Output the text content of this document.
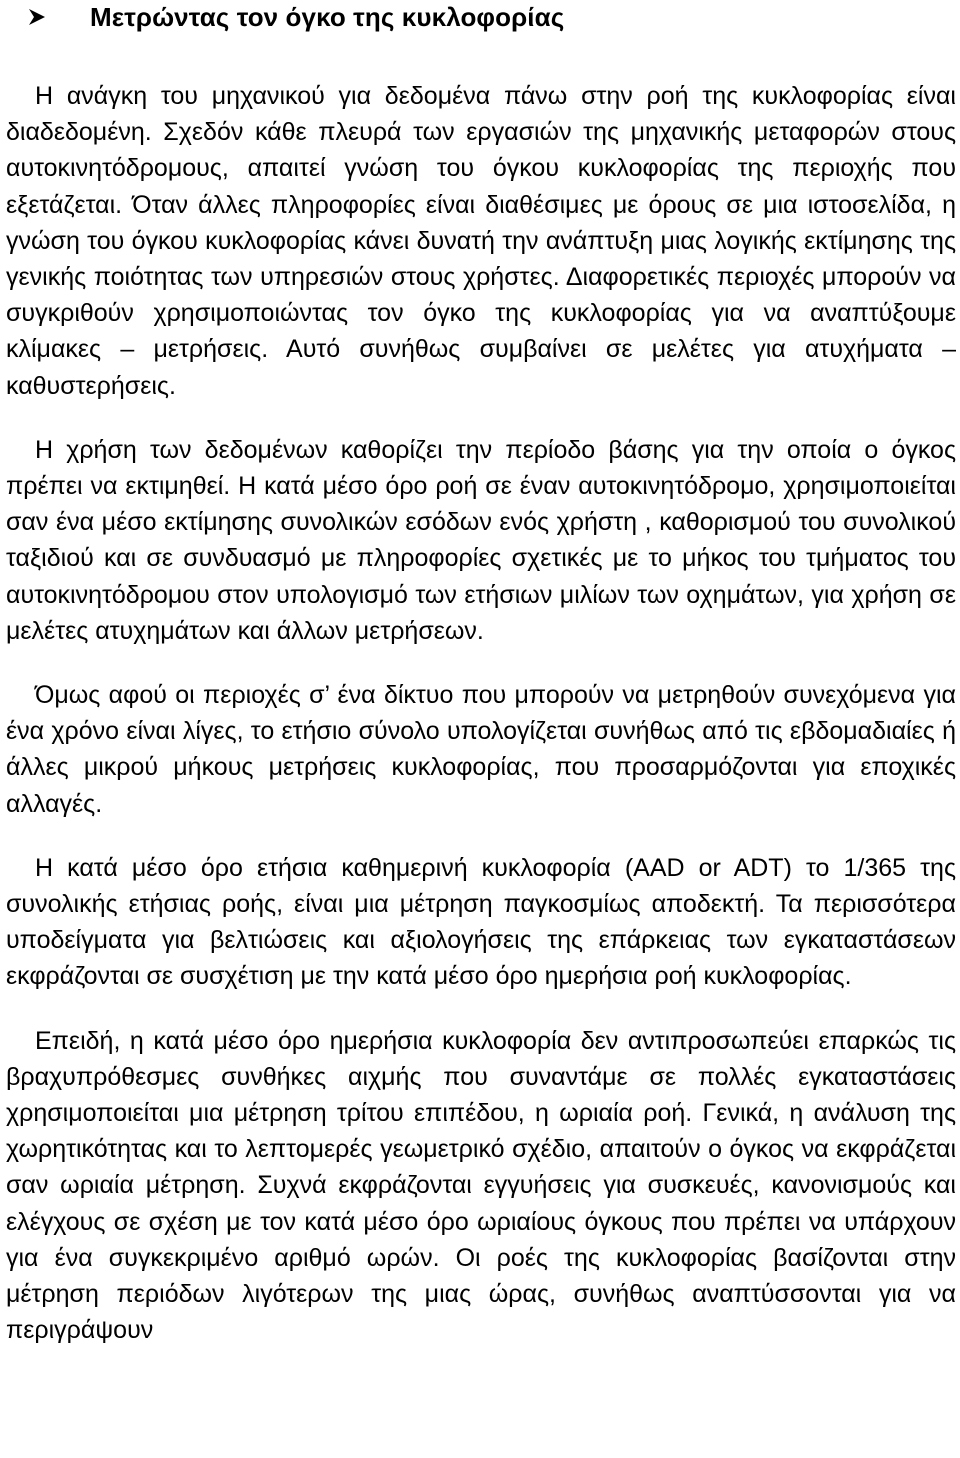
Μετρώντας τον όγκο της κυκλοφορίας

Η ανάγκη του μηχανικού για δεδομένα πάνω στην ροή της κυκλοφορίας είναι διαδεδομένη. Σχεδόν κάθε πλευρά των εργασιών της μηχανικής μεταφορών στους αυτοκινητόδρομους, απαιτεί γνώση του όγκου κυκλοφορίας της περιοχής που εξετάζεται. Όταν άλλες πληροφορίες είναι διαθέσιμες με όρους σε μια ιστοσελίδα, η γνώση του όγκου κυκλοφορίας κάνει δυνατή την ανάπτυξη μιας λογικής εκτίμησης της γενικής ποιότητας των υπηρεσιών στους χρήστες. Διαφορετικές περιοχές μπορούν να συγκριθούν χρησιμοποιώντας τον όγκο της κυκλοφορίας για να αναπτύξουμε κλίμακες – μετρήσεις. Αυτό συνήθως συμβαίνει σε μελέτες για ατυχήματα – καθυστερήσεις.

Η χρήση των δεδομένων καθορίζει την περίοδο βάσης για την οποία ο όγκος πρέπει να εκτιμηθεί. Η κατά μέσο όρο ροή σε έναν αυτοκινητόδρομο, χρησιμοποιείται σαν ένα μέσο εκτίμησης συνολικών εσόδων ενός χρήστη , καθορισμού του συνολικού ταξιδιού και σε συνδυασμό με πληροφορίες σχετικές με το μήκος του τμήματος του αυτοκινητόδρομου στον υπολογισμό των ετήσιων μιλίων των οχημάτων, για χρήση σε μελέτες ατυχημάτων και άλλων μετρήσεων.

Όμως αφού οι περιοχές σ’ ένα δίκτυο που μπορούν να μετρηθούν συνεχόμενα για ένα χρόνο είναι λίγες, το ετήσιο σύνολο υπολογίζεται συνήθως από τις εβδομαδιαίες ή άλλες μικρού μήκους μετρήσεις κυκλοφορίας, που προσαρμόζονται για εποχικές αλλαγές.

Η κατά μέσο όρο ετήσια καθημερινή κυκλοφορία (AAD or ADT) το 1/365 της συνολικής ετήσιας ροής, είναι μια μέτρηση παγκοσμίως αποδεκτή. Τα περισσότερα υποδείγματα για βελτιώσεις και αξιολογήσεις της επάρκειας των εγκαταστάσεων εκφράζονται σε συσχέτιση με την κατά μέσο όρο ημερήσια ροή κυκλοφορίας.

Επειδή, η κατά μέσο όρο ημερήσια κυκλοφορία δεν αντιπροσωπεύει επαρκώς τις βραχυπρόθεσμες συνθήκες αιχμής που συναντάμε σε πολλές εγκαταστάσεις χρησιμοποιείται μια μέτρηση τρίτου επιπέδου, η ωριαία ροή. Γενικά, η ανάλυση της χωρητικότητας και το λεπτομερές γεωμετρικό σχέδιο, απαιτούν ο όγκος να εκφράζεται σαν ωριαία μέτρηση. Συχνά εκφράζονται εγγυήσεις για συσκευές, κανονισμούς και ελέγχους σε σχέση με τον κατά μέσο όρο ωριαίους όγκους που πρέπει να υπάρχουν για ένα συγκεκριμένο αριθμό ωρών. Οι ροές της κυκλοφορίας βασίζονται στην μέτρηση περιόδων λιγότερων της μιας ώρας, συνήθως αναπτύσσονται για να περιγράψουν
